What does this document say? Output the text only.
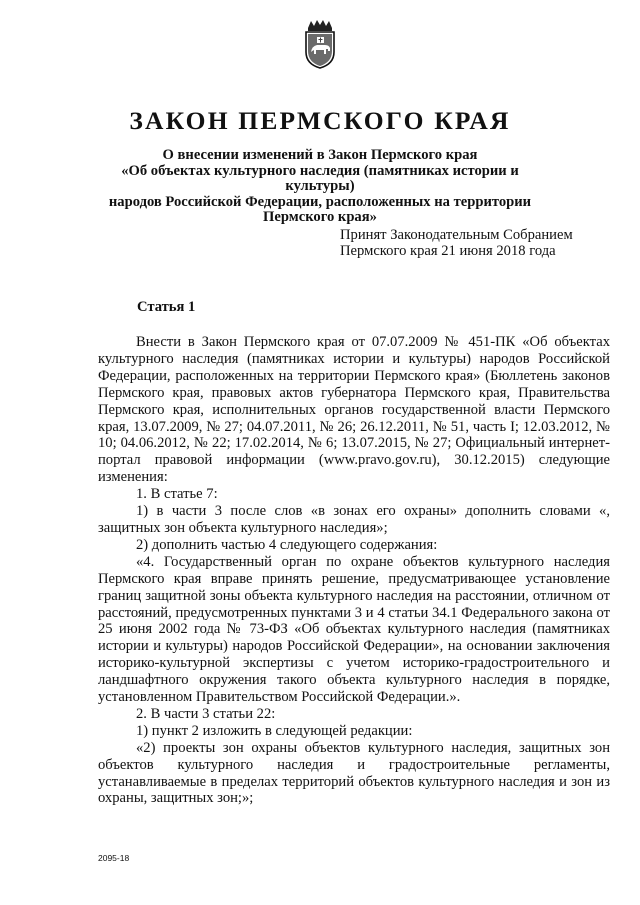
ЗАКОН ПЕРМСКОГО КРАЯ
О внесении изменений в Закон Пермского края
«Об объектах культурного наследия (памятниках истории и культуры)
народов Российской Федерации, расположенных на территории
Пермского края»
Принят Законодательным Собранием
Пермского края 21 июня 2018 года
Статья 1

Внести в Закон Пермского края от 07.07.2009 № 451-ПК «Об объектах культурного наследия (памятниках истории и культуры) народов Российской Федерации, расположенных на территории Пермского края» (Бюллетень законов Пермского края, правовых актов губернатора Пермского края, Правительства Пермского края, исполнительных органов государственной власти Пермского края, 13.07.2009, № 27; 04.07.2011, № 26; 26.12.2011, № 51, часть I; 12.03.2012, № 10; 04.06.2012, № 22; 17.02.2014, № 6; 13.07.2015, № 27; Официальный интернет-портал правовой информации (www.pravo.gov.ru), 30.12.2015) следующие изменения:

1. В статье 7:

1) в части 3 после слов «в зонах его охраны» дополнить словами «, защитных зон объекта культурного наследия»;

2) дополнить частью 4 следующего содержания:

«4. Государственный орган по охране объектов культурного наследия Пермского края вправе принять решение, предусматривающее установление границ защитной зоны объекта культурного наследия на расстоянии, отличном от расстояний, предусмотренных пунктами 3 и 4 статьи 34.1 Федерального закона от 25 июня 2002 года № 73-ФЗ «Об объектах культурного наследия (памятниках истории и культуры) народов Российской Федерации», на основании заключения историко-культурной экспертизы с учетом историко-градостроительного и ландшафтного окружения такого объекта культурного наследия в порядке, установленном Правительством Российской Федерации.».

2. В части 3 статьи 22:

1) пункт 2 изложить в следующей редакции:

«2) проекты зон охраны объектов культурного наследия, защитных зон объектов культурного наследия и градостроительные регламенты, устанавливаемые в пределах территорий объектов культурного наследия и зон из охраны, защитных зон;»;

2095-18
